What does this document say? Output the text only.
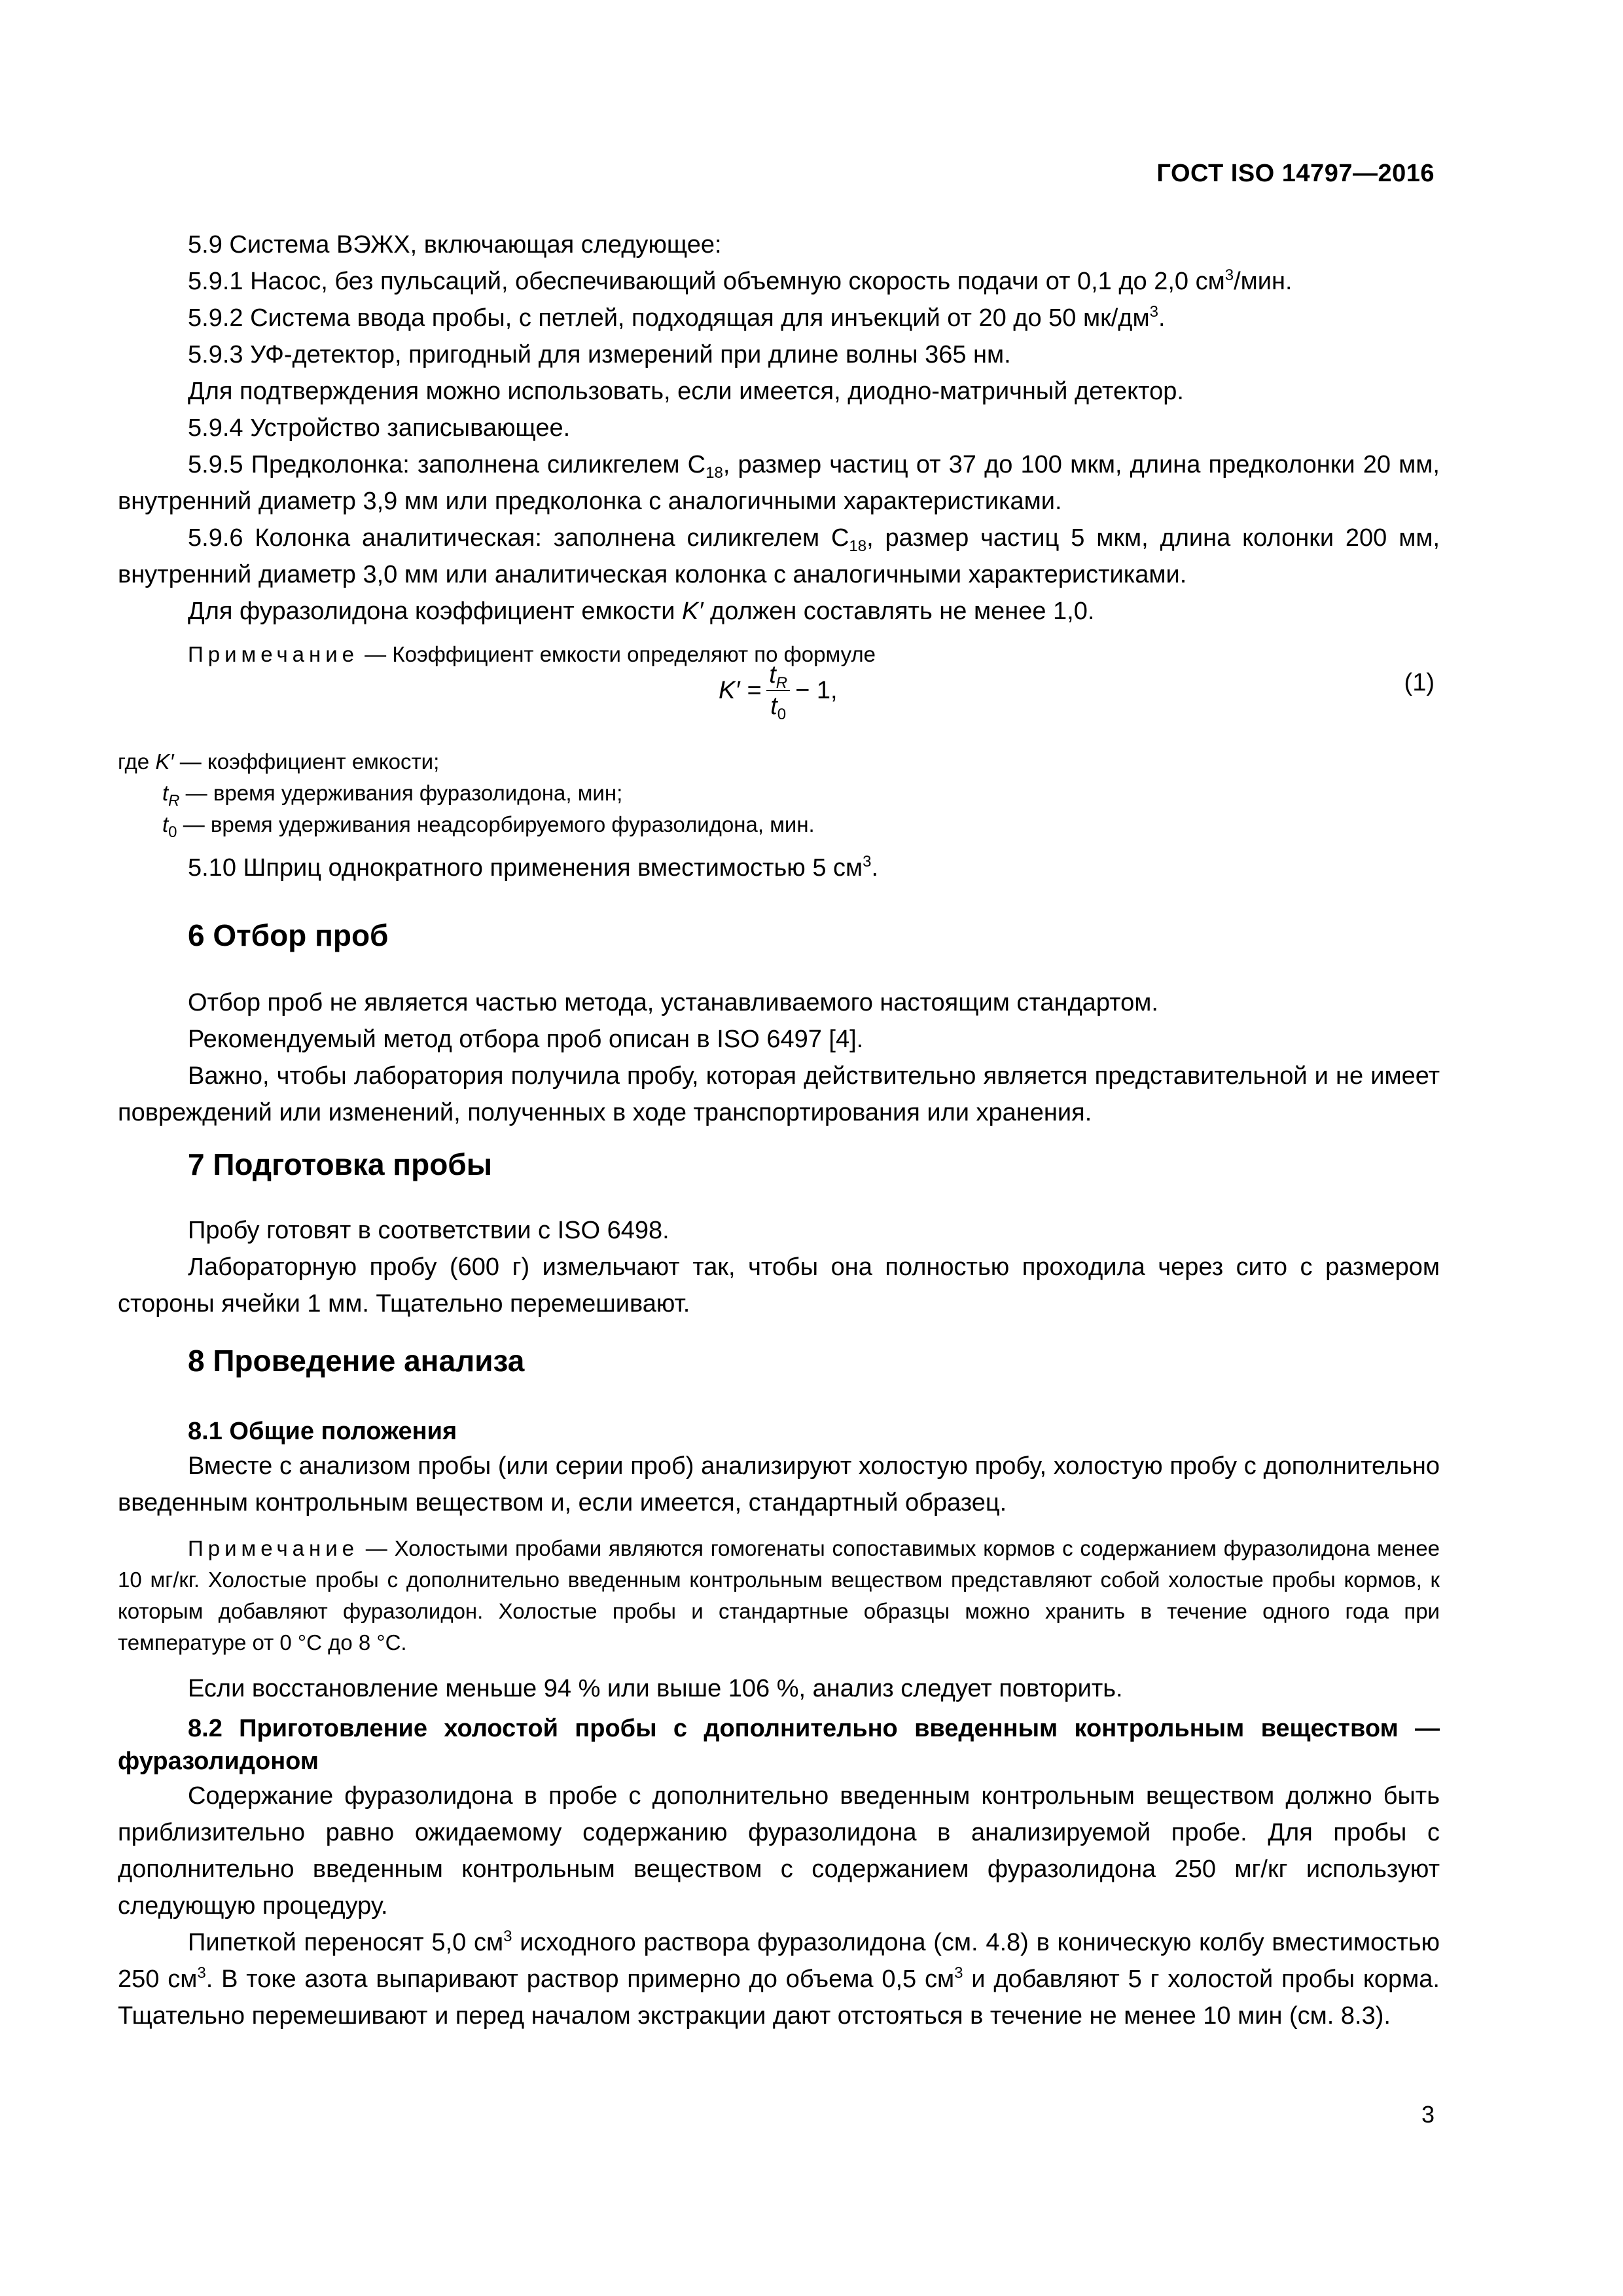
ГОСТ ISO 14797—2016

5.9 Система ВЭЖХ, включающая следующее:

5.9.1 Насос, без пульсаций, обеспечивающий объемную скорость подачи от 0,1 до 2,0 $см^3$/мин.

5.9.2 Система ввода пробы, с петлей, подходящая для инъекций от 20 до 50 $мк/дм^3$.

5.9.3 УФ-детектор, пригодный для измерений при длине волны 365 нм.

Для подтверждения можно использовать, если имеется, диодно-матричный детектор.

5.9.4 Устройство записывающее.

5.9.5 Предколонка: заполнена силикгелем $С_{18}$, размер частиц от 37 до 100 мкм, длина предколонки 20 мм, внутренний диаметр 3,9 мм или предколонка с аналогичными характеристиками.

5.9.6 Колонка аналитическая: заполнена силикгелем $С_{18}$, размер частиц 5 мкм, длина колонки 200 мм, внутренний диаметр 3,0 мм или аналитическая колонка с аналогичными характеристиками.

Для фуразолидона коэффициент емкости K′ должен составлять не менее 1,0.

Примечание — Коэффициент емкости определяют по формуле

$K' = \frac{t_R}{t_0} - 1$,	(1)
где K′ — коэффициент емкости;
$t_R$ — время удерживания фуразолидона, мин;
$t_0$ — время удерживания неадсорбируемого фуразолидона, мин.

5.10 Шприц однократного применения вместимостью 5 $см^3$.

6 Отбор проб

Отбор проб не является частью метода, устанавливаемого настоящим стандартом.

Рекомендуемый метод отбора проб описан в ISO 6497 [4].

Важно, чтобы лаборатория получила пробу, которая действительно является представительной и не имеет повреждений или изменений, полученных в ходе транспортирования или хранения.

7 Подготовка пробы

Пробу готовят в соответствии с ISO 6498.

Лабораторную пробу (600 г) измельчают так, чтобы она полностью проходила через сито с размером стороны ячейки 1 мм. Тщательно перемешивают.

8 Проведение анализа

8.1 Общие положения

Вместе с анализом пробы (или серии проб) анализируют холостую пробу, холостую пробу с дополнительно введенным контрольным веществом и, если имеется, стандартный образец.

Примечание — Холостыми пробами являются гомогенаты сопоставимых кормов с содержанием фуразолидона менее 10 мг/кг. Холостые пробы с дополнительно введенным контрольным веществом представляют собой холостые пробы кормов, к которым добавляют фуразолидон. Холостые пробы и стандартные образцы можно хранить в течение одного года при температуре от 0 °С до 8 °С.

Если восстановление меньше 94 % или выше 106 %, анализ следует повторить.

8.2 Приготовление холостой пробы с дополнительно введенным контрольным веществом — фуразолидоном

Содержание фуразолидона в пробе с дополнительно введенным контрольным веществом должно быть приблизительно равно ожидаемому содержанию фуразолидона в анализируемой пробе. Для пробы с дополнительно введенным контрольным веществом с содержанием фуразолидона 250 мг/кг используют следующую процедуру.

Пипеткой переносят 5,0 $см^3$ исходного раствора фуразолидона (см. 4.8) в коническую колбу вместимостью 250 $см^3$. В токе азота выпаривают раствор примерно до объема 0,5 $см^3$ и добавляют 5 г холостой пробы корма. Тщательно перемешивают и перед началом экстракции дают отстояться в течение не менее 10 мин (см. 8.3).

3
